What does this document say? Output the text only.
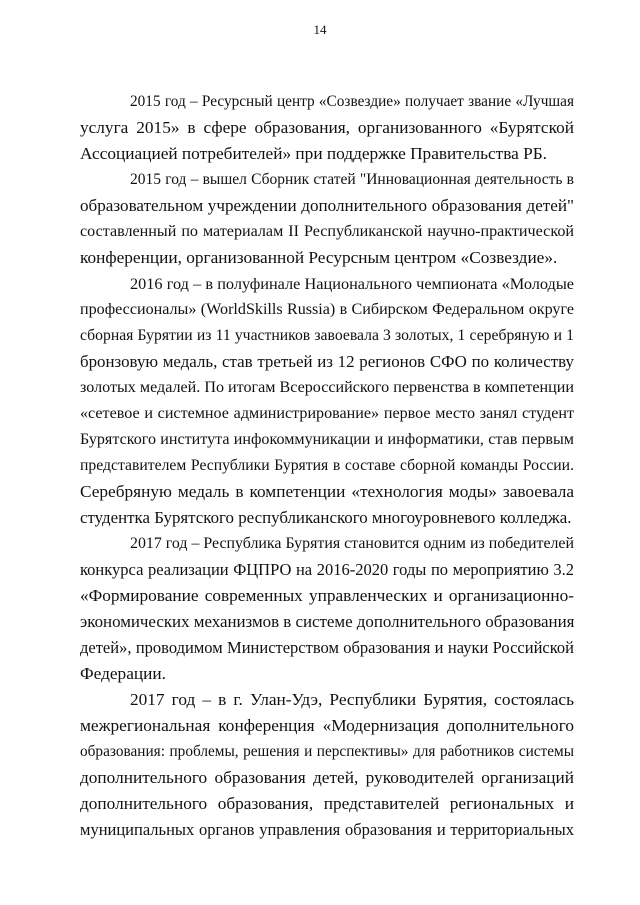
14
2015 год – Ресурсный центр «Созвездие» получает звание «Лучшая
услуга 2015» в сфере образования, организованного «Бурятской
Ассоциацией потребителей» при поддержке Правительства РБ.
2015 год – вышел Сборник статей "Инновационная деятельность в
образовательном учреждении дополнительного образования детей"
составленный по материалам II Республиканской научно-практической
конференции, организованной Ресурсным центром «Созвездие».
2016 год – в полуфинале Национального чемпионата «Молодые
профессионалы» (WorldSkills Russia) в Сибирском Федеральном округе
сборная Бурятии из 11 участников завоевала 3 золотых, 1 серебряную и 1
бронзовую медаль, став третьей из 12 регионов СФО по количеству
золотых медалей. По итогам Всероссийского первенства в компетенции
«сетевое и системное администрирование» первое место занял студент
Бурятского института инфокоммуникации и информатики, став первым
представителем Республики Бурятия в составе сборной команды России.
Серебряную медаль в компетенции «технология моды» завоевала
студентка Бурятского республиканского многоуровневого колледжа.
2017 год – Республика Бурятия становится одним из победителей
конкурса реализации ФЦПРО на 2016-2020 годы по мероприятию 3.2
«Формирование современных управленческих и организационно-
экономических механизмов в системе дополнительного образования
детей», проводимом Министерством образования и науки Российской
Федерации.
2017 год – в г. Улан-Удэ, Республики Бурятия, состоялась
межрегиональная конференция «Модернизация дополнительного
образования: проблемы, решения и перспективы» для работников системы
дополнительного образования детей, руководителей организаций
дополнительного образования, представителей региональных и
муниципальных органов управления образования и территориальных
